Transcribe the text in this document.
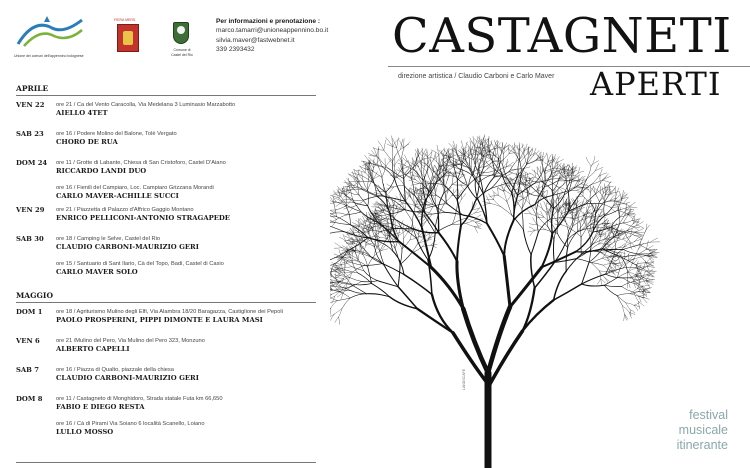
Unione dei comuni dell'appennino bolognese
FIERA MERS
Comune di
Castel del Rio
Per informazioni e prenotazione :
marco.tamarri@unioneappennino.bo.it
silvia.maver@fastwebnet.it
339 2393432	CASTAGNETI
direzione artistica / Claudio Carboni e Carlo Maver APERTI
APRILE
VEN 22	ore 21 / Ca del Vento Caracolla, Via Medelana 3 Luminasio Marzabotto
AIELLO 4TET
SAB 23	ore 16 / Podere Molino del Balone, Tolè Vergato
CHORO DE RUA
DOM 24	ore 11 / Grotte di Labante, Chiesa di San Cristoforo, Castel D'Aiano
RICCARDO LANDI DUO
ore 16 / Fienili del Campiaro, Loc. Campiaro Grizzana Morandi
CARLO MAVER-ACHILLE SUCCI
VEN 29	ore 21 / Piazzetta di Palazzo d'Affrico Gaggio Montano
ENRICO PELLICONI-ANTONIO STRAGAPEDE
SAB 30	ore 18 / Camping le Selve, Castel del Rio
CLAUDIO CARBONI-MAURIZIO GERI
ore 15 / Santuario di Sant Ilario, Cà del Topo, Badi, Castel di Casio
CARLO MAVER SOLO
MAGGIO
DOM 1	ore 18 / Agriturismo Mulino degli Elfi, Via Alambra 18/20 Baragazza, Castiglione dei Pepoli
PAOLO PROSPERINI, PIPPI DIMONTE E LAURA MASI
VEN 6	ore 21 /Mulino del Pero, Via Mulino del Pero 323, Monzuno
ALBERTO CAPELLI
SAB 7	ore 16 / Piazza di Qualto, piazzale della chiesa
CLAUDIO CARBONI-MAURIZIO GERI
DOM 8	ore 11 / Castagneto di Monghidoro, Strada statale Futa km 66,650
FABIO E DIEGO RESTA
ore 16 / Cà di Pirami Via Soiano 6 località Scanello, Loiano
LULLO MOSSO
LANDSCAPE
festival
musicale
itinerante
